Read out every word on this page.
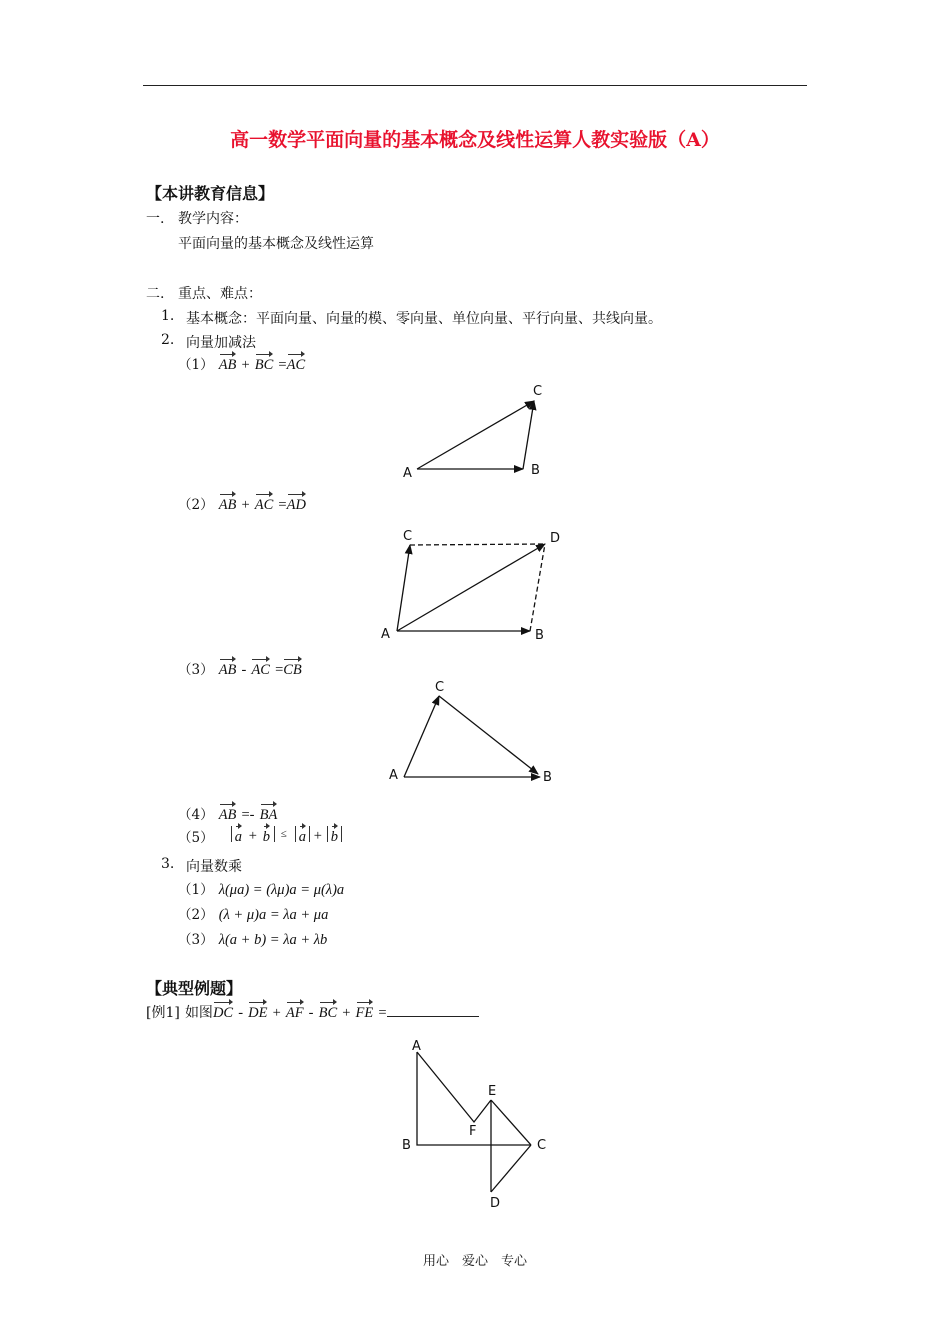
高一数学平面向量的基本概念及线性运算人教实验版（A）
【本讲教育信息】
一. 教学内容：
平面向量的基本概念及线性运算
二. 重点、难点：
1. 基本概念：平面向量、向量的模、零向量、单位向量、平行向量、共线向量。
2. 向量加减法
（1） AB + BC =AC
A	B
C
（2） AB + AC =AD
A	B
C	D
（3） AB - AC =CB
A	B
C
（4） AB =- BA
（5） a + b ≤ a + b
3. 向量数乘
（1） λ(μa) = (λμ)a = μ(λ)a
（2） (λ + μ)a = λa + μa
（3） λ(a + b) = λa + λb
【典型例题】
[例1] 如图DC - DE + AF - BC + FE =
A
B	C
D
E
F
用心　爱心　专心
